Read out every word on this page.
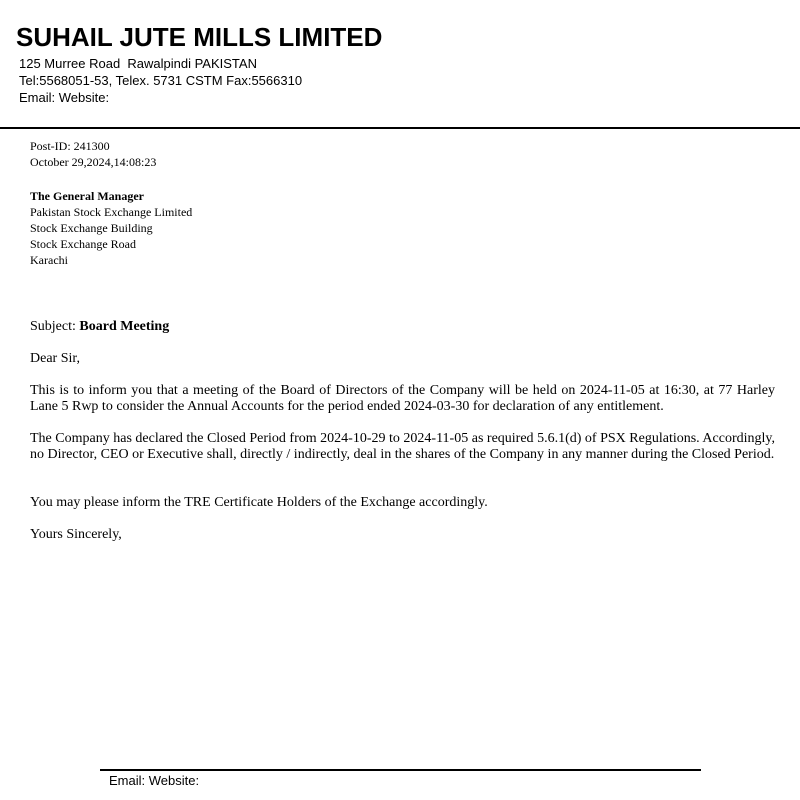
SUHAIL JUTE MILLS LIMITED
125 Murree Road  Rawalpindi PAKISTAN
Tel:5568051-53, Telex. 5731 CSTM Fax:5566310
Email: Website:
Post-ID: 241300
October 29,2024,14:08:23
The General Manager
Pakistan Stock Exchange Limited
Stock Exchange Building
Stock Exchange Road
Karachi
Subject: Board Meeting
Dear Sir,
This is to inform you that a meeting of the Board of Directors of the Company will be held on 2024-11-05 at 16:30, at 77 Harley Lane 5 Rwp to consider the Annual Accounts for the period ended 2024-03-30 for declaration of any entitlement.
The Company has declared the Closed Period from 2024-10-29 to 2024-11-05 as required 5.6.1(d) of PSX Regulations. Accordingly, no Director, CEO or Executive shall, directly / indirectly, deal in the shares of the Company in any manner during the Closed Period.
You may please inform the TRE Certificate Holders of the Exchange accordingly.
Yours Sincerely,
Email: Website:
